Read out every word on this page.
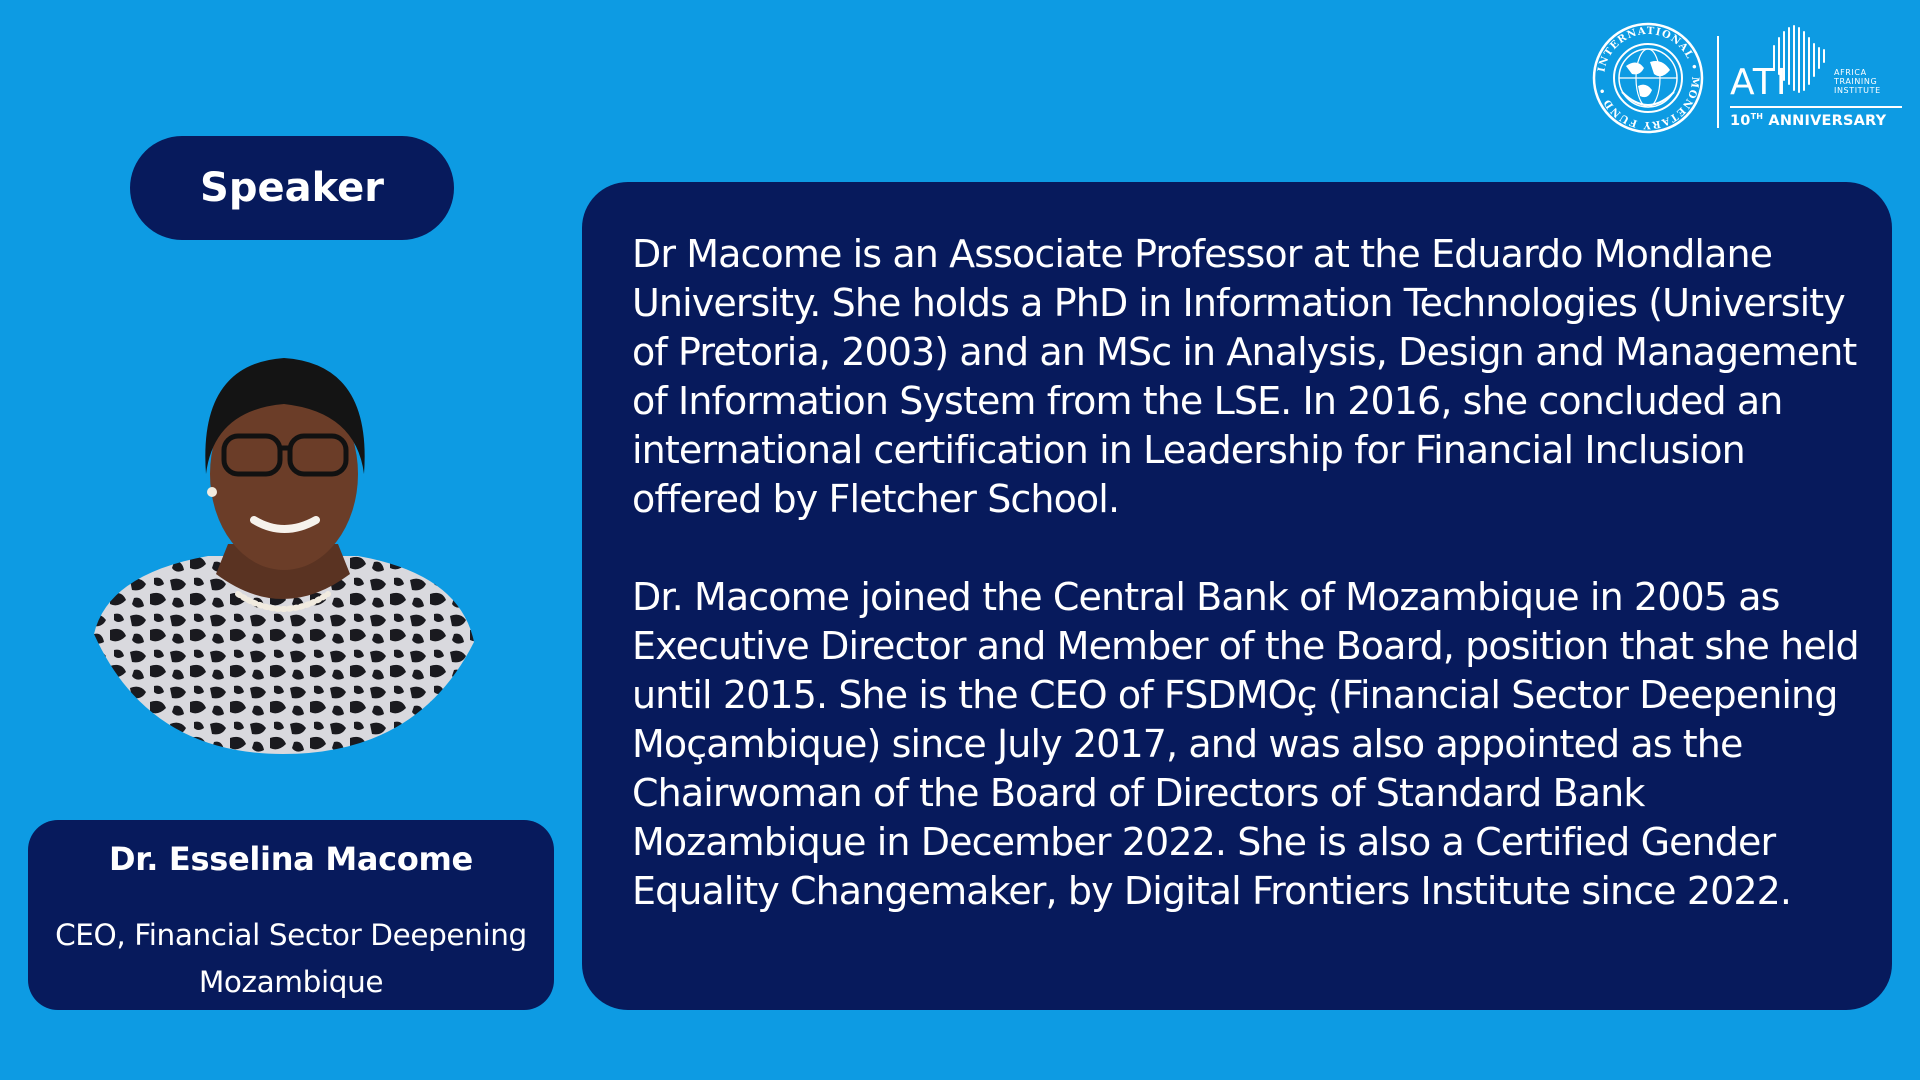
INTERNATIONAL • MONETARY FUND •	ATI	AFRICA
TRAINING
INSTITUTE
10TH ANNIVERSARY
Speaker
Dr. Esselina Macome
CEO, Financial Sector Deepening
Mozambique

Dr Macome is an Associate Professor at the Eduardo Mondlane University. She holds a PhD in Information Technologies (University of Pretoria, 2003) and an MSc in Analysis, Design and Management of Information System from the LSE. In 2016, she concluded an international certification in Leadership for Financial Inclusion offered by Fletcher School.

Dr. Macome joined the Central Bank of Mozambique in 2005 as Executive Director and Member of the Board, position that she held until 2015. She is the CEO of FSDMOç (Financial Sector Deepening Moçambique) since July 2017, and was also appointed as the Chairwoman of the Board of Directors of Standard Bank Mozambique in December 2022. She is also a Certified Gender Equality Changemaker, by Digital Frontiers Institute since 2022.
